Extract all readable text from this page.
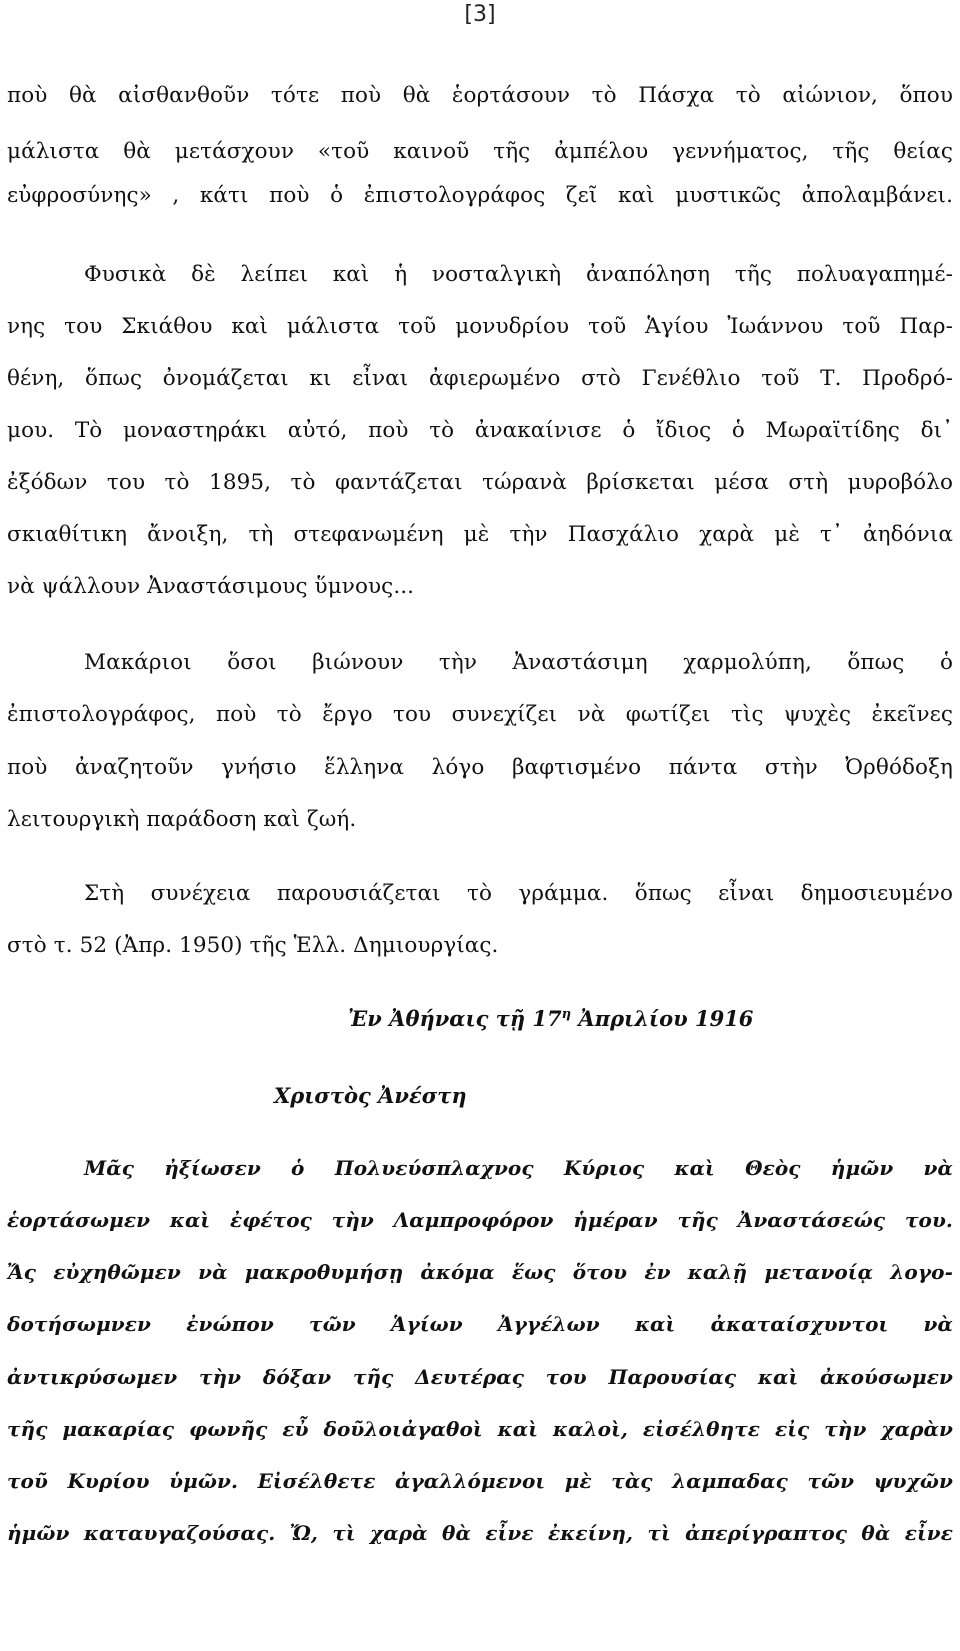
[3]
ποὺ θὰ αἰσθανθοῦν τότε ποὺ θὰ ἑορτάσουν τὸ Πάσχα τὸ αἰώνιον, ὅπου
μάλιστα θὰ μετάσχουν «τοῦ καινοῦ τῆς ἀμπέλου γεννήματος, τῆς θείας
εὐφροσύνης» , κάτι ποὺ ὁ ἐπιστολογράφος ζεῖ καὶ μυστικῶς ἀπολαμβάνει.
Φυσικὰ δὲ λείπει καὶ ἡ νοσταλγικὴ ἀναπόληση τῆς πολυαγαπημέ-
νης του Σκιάθου καὶ μάλιστα τοῦ μονυδρίου τοῦ Ἁγίου Ἰωάννου τοῦ Παρ-
θένη, ὅπως ὀνομάζεται κι εἶναι ἀφιερωμένο στὸ Γενέθλιο τοῦ Τ. Προδρό-
μου. Τὸ μοναστηράκι αὐτό, ποὺ τὸ ἀνακαίνισε ὁ ἴδιος ὁ Μωραϊτίδης δι᾿
ἐξόδων του τὸ 1895, τὸ φαντάζεται τώρανὰ βρίσκεται μέσα στὴ μυροβόλο
σκιαθίτικη ἄνοιξη, τὴ στεφανωμένη μὲ τὴν Πασχάλιο χαρὰ μὲ τ᾿ ἀηδόνια
νὰ ψάλλουν Ἀναστάσιμους ὕμνους...
Μακάριοι ὅσοι βιώνουν τὴν Ἀναστάσιμη χαρμολύπη, ὅπως ὁ
ἐπιστολογράφος, ποὺ τὸ ἔργο του συνεχίζει νὰ φωτίζει τὶς ψυχὲς ἐκεῖνες
ποὺ ἀναζητοῦν γνήσιο ἕλληνα λόγο βαφτισμένο πάντα στὴν Ὀρθόδοξη
λειτουργικὴ παράδοση καὶ ζωή.
Στὴ συνέχεια παρουσιάζεται τὸ γράμμα. ὅπως εἶναι δημοσιευμένο
στὸ τ. 52 (Ἀπρ. 1950) τῆς Ἑλλ. Δημιουργίας.
Ἐν Ἀθήναις τῇ $17^\eta$ Ἀπριλίου 1916
Χριστὸς Ἀνέστη
Μᾶς ἠξίωσεν ὁ Πολυεύσπλαχνος Κύριος καὶ Θεὸς ἡμῶν νὰ
ἑορτάσωμεν καὶ ἐφέτος τὴν Λαμπροφόρον ἡμέραν τῆς Ἀναστάσεώς του.
Ἄς εὐχηθῶμεν νὰ μακροθυμήσῃ ἀκόμα ἕως ὅτου ἐν καλῇ μετανοίᾳ λογο-
δοτήσωμνεν ἐνώπον τῶν Ἁγίων Ἀγγέλων καὶ ἀκαταίσχυντοι νὰ
ἀντικρύσωμεν τὴν δόξαν τῆς Δευτέρας του Παρουσίας καὶ ἀκούσωμεν
τῆς μακαρίας φωνῆς εὖ δοῦλοιἀγαθοὶ καὶ καλοὶ, εἰσέλθητε εἰς τὴν χαρὰν
τοῦ Κυρίου ὑμῶν. Εἰσέλθετε ἀγαλλόμενοι μὲ τὰς λαμπαδας τῶν ψυχῶν
ἡμῶν καταυγαζούσας. Ὤ, τὶ χαρὰ θὰ εἶνε ἐκείνη, τὶ ἀπερίγραπτος θὰ εἶνε
